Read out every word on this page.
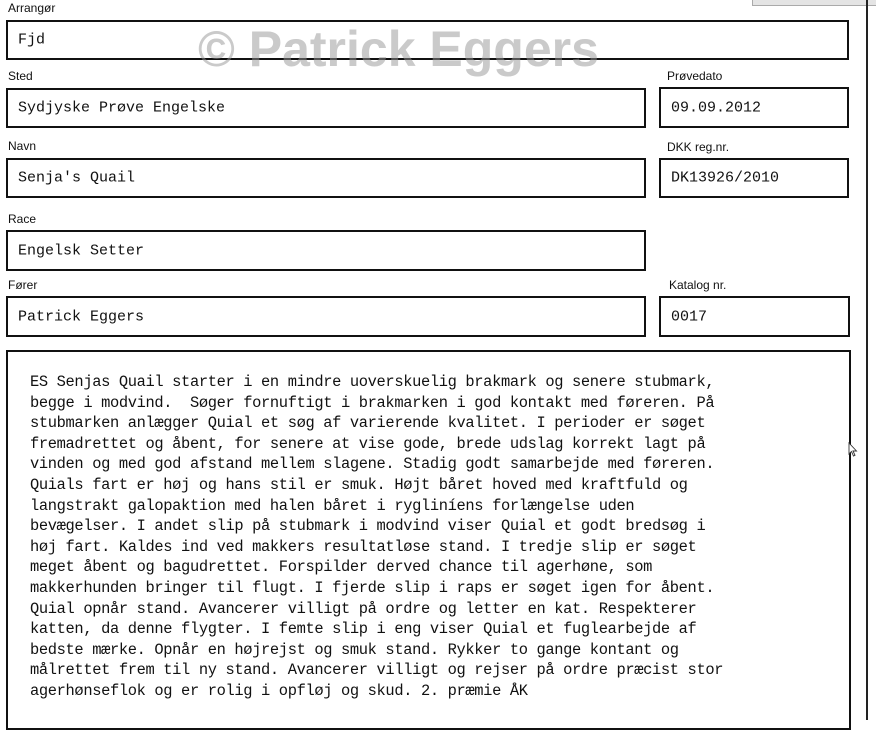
Arrangør
Fjd
Sted
Sydjyske Prøve Engelske
Prøvedato
09.09.2012
Navn
Senja's Quail
DKK reg.nr.
DK13926/2010
Race
Engelsk Setter
Fører
Patrick Eggers
Katalog nr.
0017
ES Senjas Quail starter i en mindre uoverskuelig brakmark og senere stubmark,
begge i modvind.  Søger fornuftigt i brakmarken i god kontakt med føreren. På
stubmarken anlægger Quial et søg af varierende kvalitet. I perioder er søget
fremadrettet og åbent, for senere at vise gode, brede udslag korrekt lagt på
vinden og med god afstand mellem slagene. Stadig godt samarbejde med føreren.
Quials fart er høj og hans stil er smuk. Højt båret hoved med kraftfuld og
langstrakt galopaktion med halen båret i rygliníens forlængelse uden
bevægelser. I andet slip på stubmark i modvind viser Quial et godt bredsøg i
høj fart. Kaldes ind ved makkers resultatløse stand. I tredje slip er søget
meget åbent og bagudrettet. Forspilder derved chance til agerhøne, som
makkerhunden bringer til flugt. I fjerde slip i raps er søget igen for åbent.
Quial opnår stand. Avancerer villigt på ordre og letter en kat. Respekterer
katten, da denne flygter. I femte slip i eng viser Quial et fuglearbejde af
bedste mærke. Opnår en højrejst og smuk stand. Rykker to gange kontant og
målrettet frem til ny stand. Avancerer villigt og rejser på ordre præcist stor
agerhønseflok og er rolig i opfløj og skud. 2. præmie ÅK
© Patrick Eggers
